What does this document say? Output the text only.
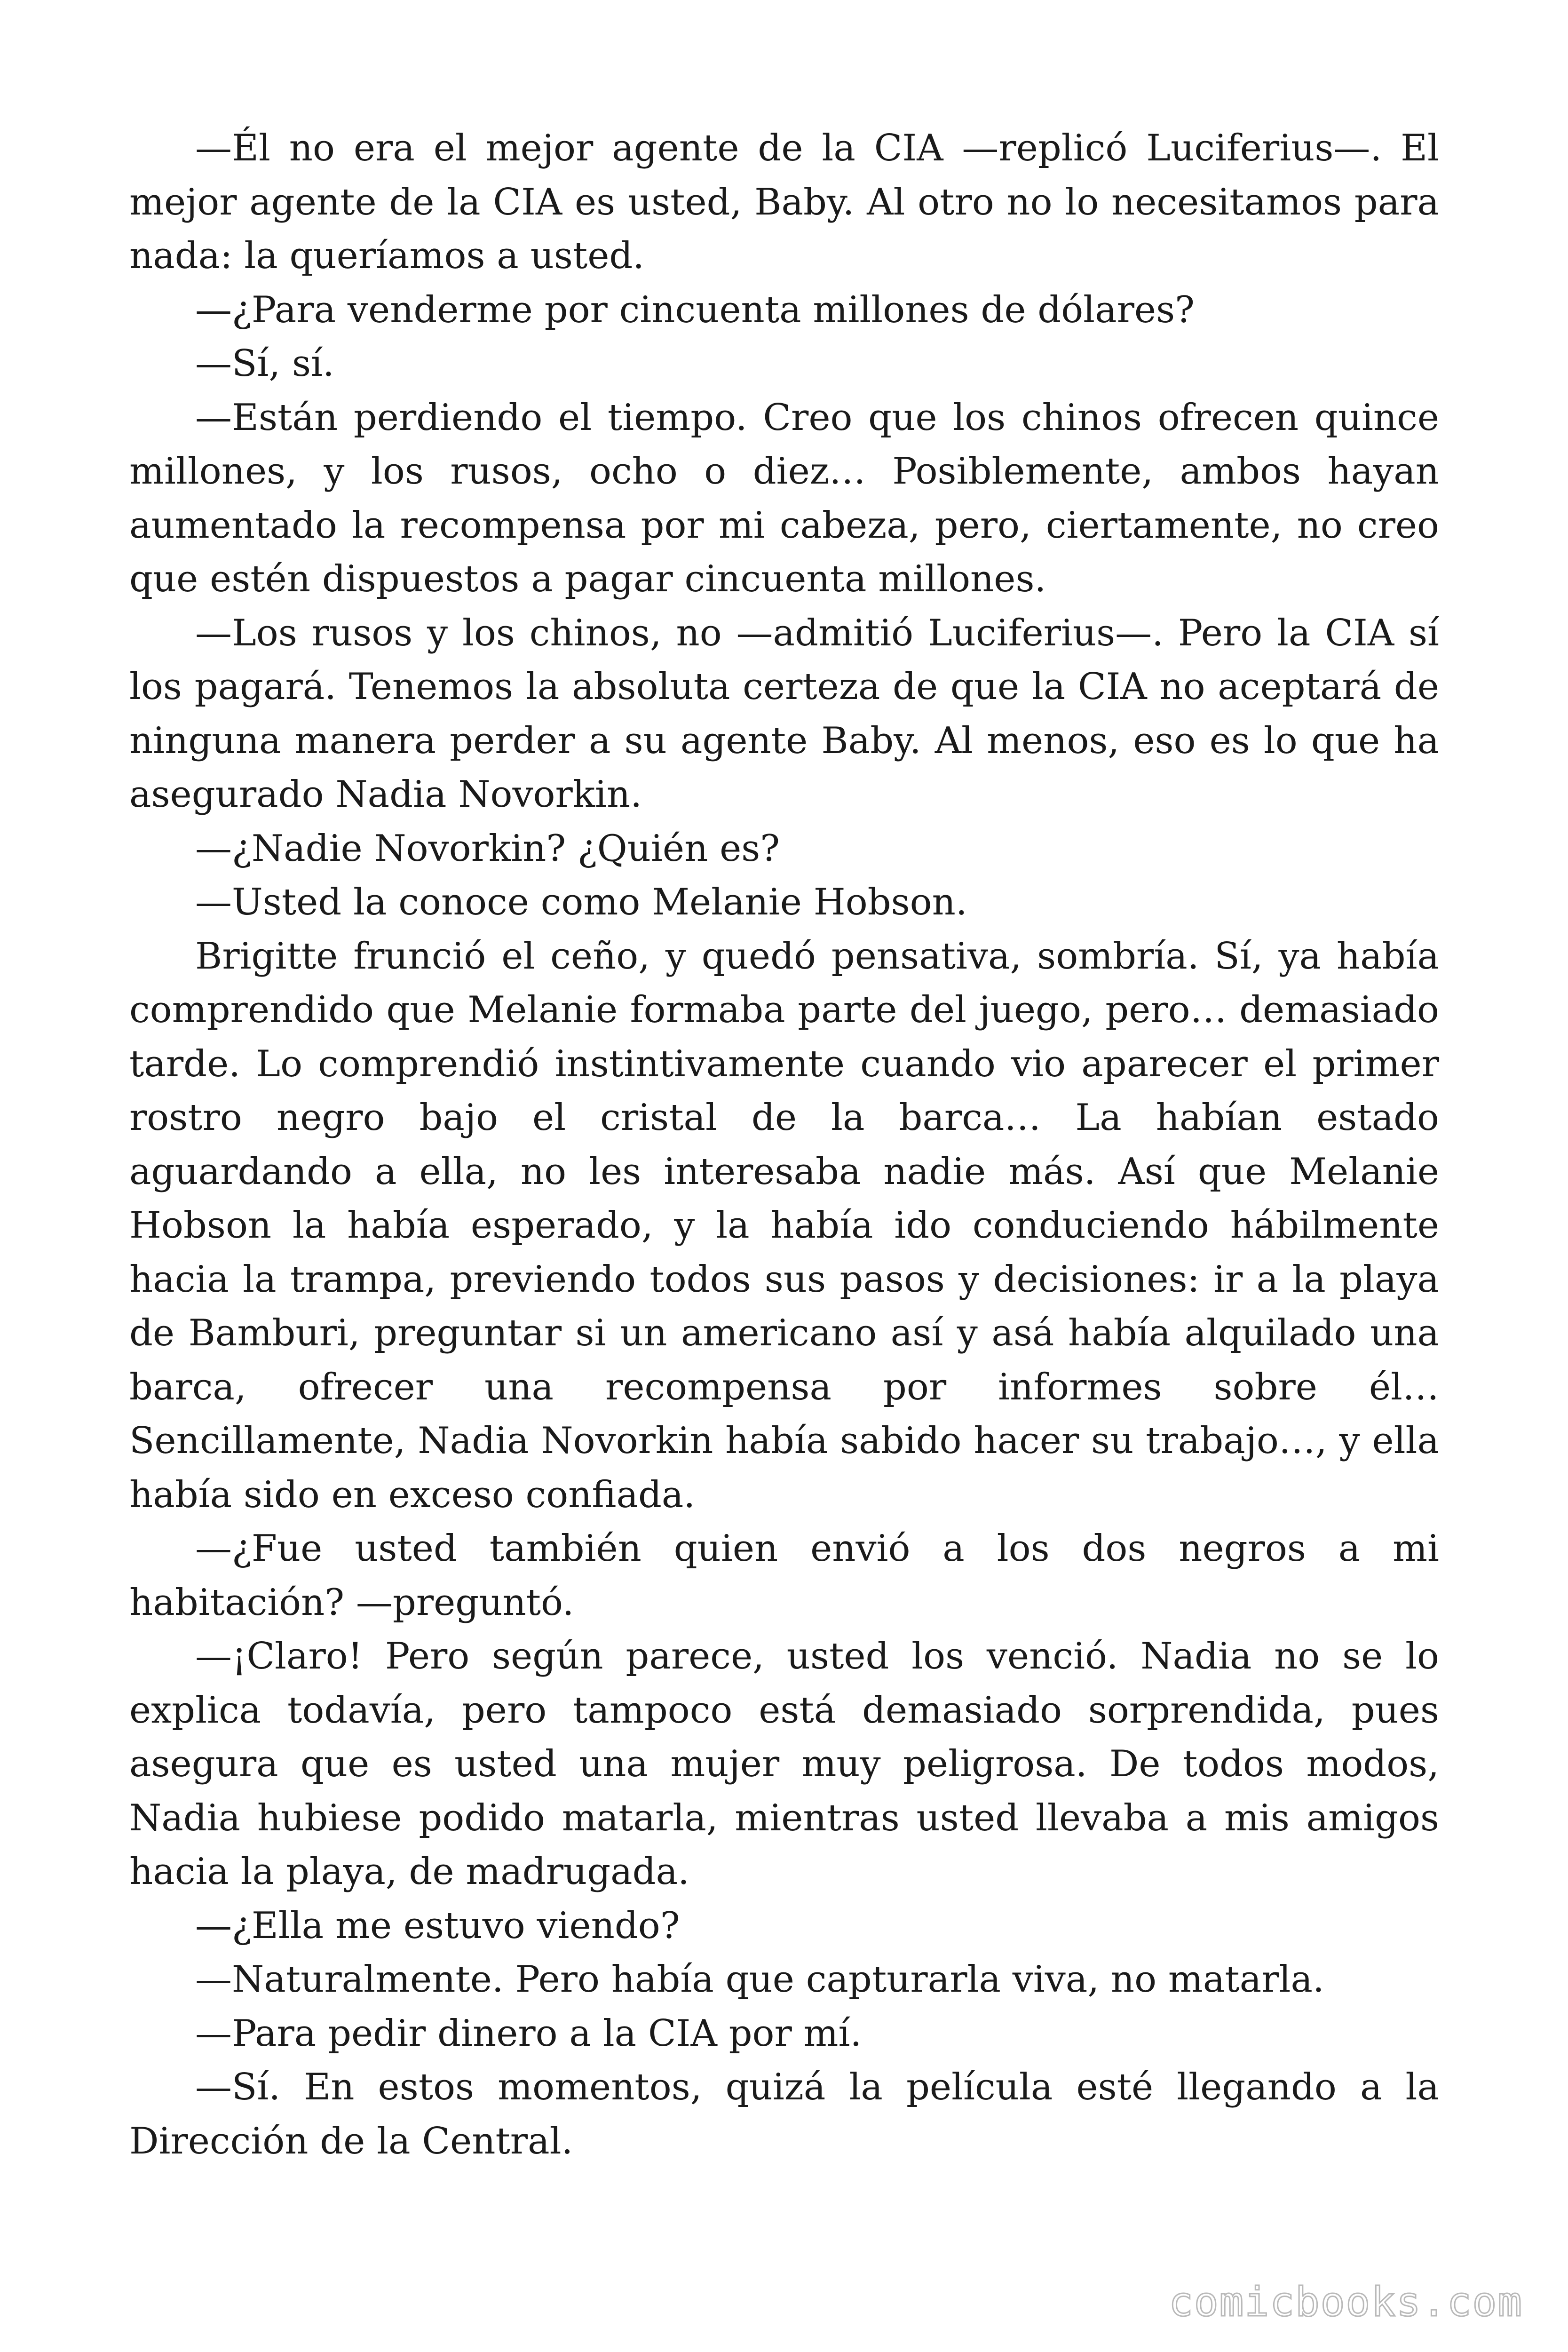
—Él no era el mejor agente de la CIA —replicó Luciferius—. El mejor agente de la CIA es usted, Baby. Al otro no lo necesitamos para nada: la queríamos a usted.

—¿Para venderme por cincuenta millones de dólares?

—Sí, sí.

—Están perdiendo el tiempo. Creo que los chinos ofrecen quince millones, y los rusos, ocho o diez… Posiblemente, ambos hayan aumentado la recompensa por mi cabeza, pero, ciertamente, no creo que estén dispuestos a pagar cincuenta millones.

—Los rusos y los chinos, no —admitió Luciferius—. Pero la CIA sí los pagará. Tenemos la absoluta certeza de que la CIA no aceptará de ninguna manera perder a su agente Baby. Al menos, eso es lo que ha asegurado Nadia Novorkin.

—¿Nadie Novorkin? ¿Quién es?

—Usted la conoce como Melanie Hobson.

Brigitte frunció el ceño, y quedó pensativa, sombría. Sí, ya había comprendido que Melanie formaba parte del juego, pero… demasiado tarde. Lo comprendió instintivamente cuando vio aparecer el primer rostro negro bajo el cristal de la barca… La habían estado aguardando a ella, no les interesaba nadie más. Así que Melanie Hobson la había esperado, y la había ido conduciendo hábilmente hacia la trampa, previendo todos sus pasos y decisiones: ir a la playa de Bamburi, preguntar si un americano así y asá había alquilado una barca, ofrecer una recompensa por informes sobre él… Sencillamente, Nadia Novorkin había sabido hacer su trabajo…, y ella había sido en exceso confiada.

—¿Fue usted también quien envió a los dos negros a mi habitación? —preguntó.

—¡Claro! Pero según parece, usted los venció. Nadia no se lo explica todavía, pero tampoco está demasiado sorprendida, pues asegura que es usted una mujer muy peligrosa. De todos modos, Nadia hubiese podido matarla, mientras usted llevaba a mis amigos hacia la playa, de madrugada.

—¿Ella me estuvo viendo?

—Naturalmente. Pero había que capturarla viva, no matarla.

—Para pedir dinero a la CIA por mí.

—Sí. En estos momentos, quizá la película esté llegando a la Dirección de la Central.

comicbooks.com
